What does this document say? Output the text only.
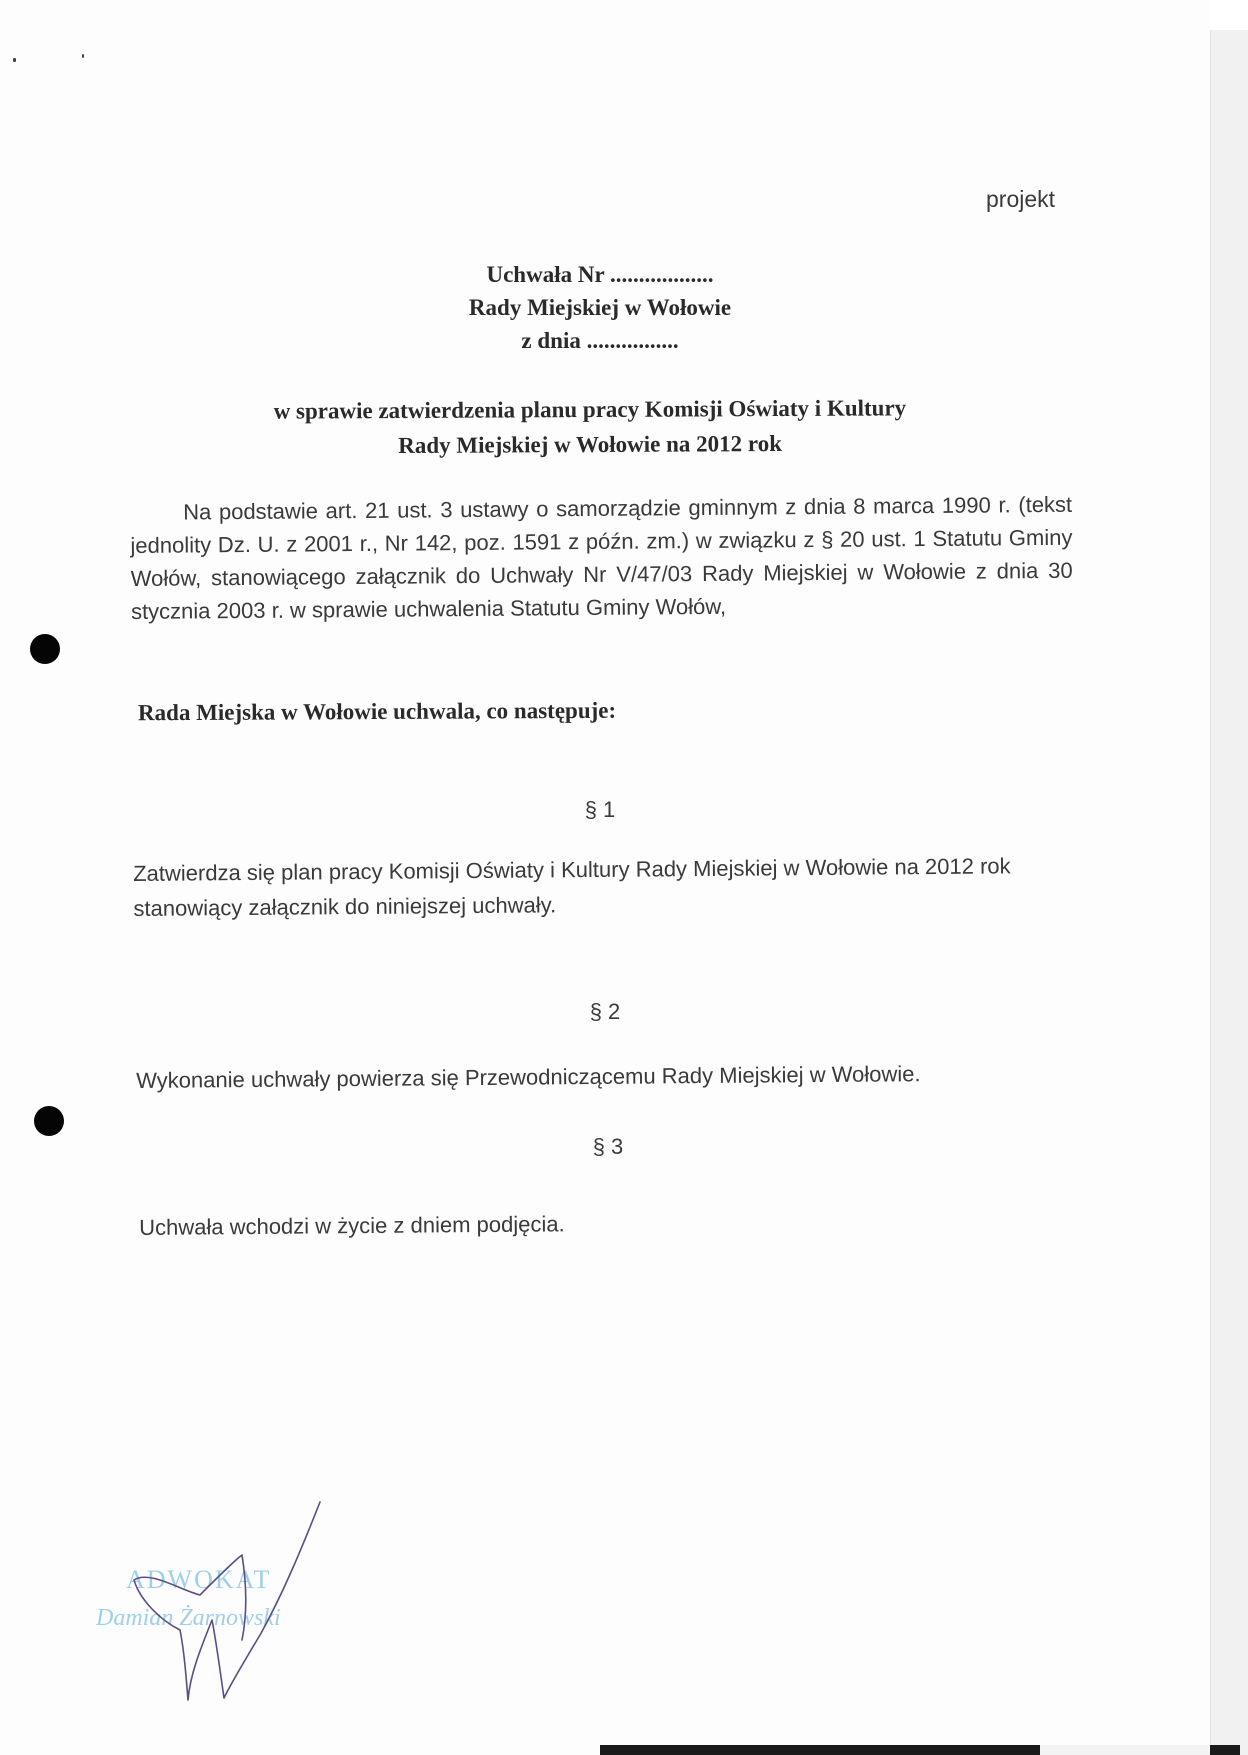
projekt
Uchwała Nr ..................
Rady Miejskiej w Wołowie
z dnia ................
w sprawie zatwierdzenia planu pracy Komisji Oświaty i Kultury
Rady Miejskiej w Wołowie na 2012 rok

Na podstawie art. 21 ust. 3 ustawy o samorządzie gminnym z dnia 8 marca 1990 r. (tekst jednolity Dz. U. z 2001 r., Nr 142, poz. 1591 z późn. zm.) w związku z § 20 ust. 1 Statutu Gminy Wołów, stanowiącego załącznik do Uchwały Nr V/47/03 Rady Miejskiej w Wołowie z dnia 30 stycznia 2003 r. w sprawie uchwalenia Statutu Gminy Wołów,

Rada Miejska w Wołowie uchwala, co następuje:
§ 1

Zatwierdza się plan pracy Komisji Oświaty i Kultury Rady Miejskiej w Wołowie na 2012 rok stanowiący załącznik do niniejszej uchwały.

§ 2

Wykonanie uchwały powierza się Przewodniczącemu Rady Miejskiej w Wołowie.

§ 3

Uchwała wchodzi w życie z dniem podjęcia.

ADWOKAT
Damian Żarnowski
